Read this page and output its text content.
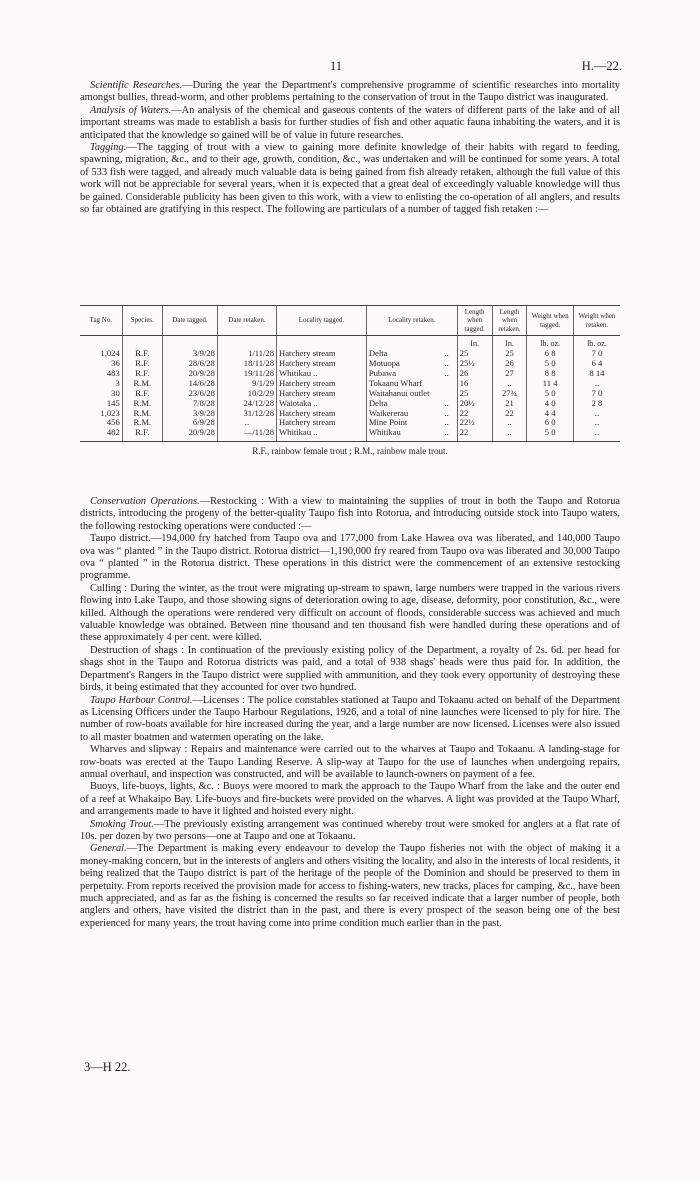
11	H.—22.

Scientific Researches.—During the year the Department's comprehensive programme of scientific researches into mortality amongst bullies, thread-worm, and other problems pertaining to the conservation of trout in the Taupo district was inaugurated.

Analysis of Waters.—An analysis of the chemical and gaseous contents of the waters of different parts of the lake and of all important streams was made to establish a basis for further studies of fish and other aquatic fauna inhabiting the waters, and it is anticipated that the knowledge so gained will be of value in future researches.

Tagging.—The tagging of trout with a view to gaining more definite knowledge of their habits with regard to feeding, spawning, migration, &c., and to their age, growth, condition, &c., was undertaken and will be continued for some years. A total of 533 fish were tagged, and already much valuable data is being gained from fish already retaken, although the full value of this work will not be appreciable for several years, when it is expected that a great deal of exceedingly valuable knowledge will thus be gained. Considerable publicity has been given to this work, with a view to enlisting the co-operation of all anglers, and results so far obtained are gratifying in this respect. The following are particulars of a number of tagged fish retaken :—

Tag No.	Species.	Date tagged.	Date retaken.	Locality tagged.	Locality retaken.		Length when tagged.	Length when retaken.	Weight when tagged.	Weight when retaken.
							In.	In.	lb. oz.	lb. oz.
1,024	R.F.	3/9/28	1/11/28	Hatchery stream	Delta	..	25	25	6 8	7 0
36	R.F.	28/6/28	18/11/28	Hatchery stream	Motuopa	..	25½	26	5 0	6 4
483	R.F.	20/9/28	19/11/28	Whitikau ..	Pubawa	..	26	27	8 8	8 14
3	R.M.	14/6/28	9/1/29	Hatchery stream	Tokaanu Wharf		16	..	11 4	..
30	R.F.	23/6/28	10/2/29	Hatchery stream	Waitahanui outlet		25	27¾	5 0	7 0
145	R.M.	7/8/28	24/12/28	Waiotaka ..	Delta	..	20½	21	4 0	2 8
1,023	R.M.	3/9/28	31/12/28	Hatchery stream	Waikererau	..	22	22	4 4	..
456	R.M.	6/9/28	..	Hatchery stream	Mine Point	..	22½	..	6 0	..
482	R.F.	20/9/28	—/11/28	Whitikau ..	Whitikau	..	22	..	5 0	..
R.F., rainbow female trout ; R.M., rainbow male trout.

Conservation Operations.—Restocking : With a view to maintaining the supplies of trout in both the Taupo and Rotorua districts, introducing the progeny of the better-quality Taupo fish into Rotorua, and introducing outside stock into Taupo waters, the following restocking operations were conducted :—

Taupo district.—194,000 fry hatched from Taupo ova and 177,000 from Lake Hawea ova was liberated, and 140,000 Taupo ova was “ planted ” in the Taupo district. Rotorua district—1,190,000 fry reared from Taupo ova was liberated and 30,000 Taupo ova “ planted ” in the Rotorua district. These operations in this district were the commencement of an extensive restocking programme.

Culling : During the winter, as the trout were migrating up-stream to spawn, large numbers were trapped in the various rivers flowing into Lake Taupo, and those showing signs of deterioration owing to age, disease, deformity, poor constitution, &c., were killed. Although the operations were rendered very difficult on account of floods, considerable success was achieved and much valuable knowledge was obtained. Between nine thousand and ten thousand fish were handled during these operations and of these approximately 4 per cent. were killed.

Destruction of shags : In continuation of the previously existing policy of the Department, a royalty of 2s. 6d. per head for shags shot in the Taupo and Rotorua districts was paid, and a total of 938 shags' heads were thus paid for. In addition, the Department's Rangers in the Taupo district were supplied with ammunition, and they took every opportunity of destroying these birds, it being estimated that they accounted for over two hundred.

Taupo Harbour Control.—Licenses : The police constables stationed at Taupo and Tokaanu acted on behalf of the Department as Licensing Officers under the Taupo Harbour Regulations, 1926, and a total of nine launches were licensed to ply for hire. The number of row-boats available for hire increased during the year, and a large number are now licensed. Licenses were also issued to all master boatmen and watermen operating on the lake.

Wharves and slipway : Repairs and maintenance were carried out to the wharves at Taupo and Tokaanu. A landing-stage for row-boats was erected at the Taupo Landing Reserve. A slip-way at Taupo for the use of launches when undergoing repairs, annual overhaul, and inspection was constructed, and will be available to launch-owners on payment of a fee.

Buoys, life-buoys, lights, &c. : Buoys were moored to mark the approach to the Taupo Wharf from the lake and the outer end of a reef at Whakaipo Bay. Life-buoys and fire-buckets were provided on the wharves. A light was provided at the Taupo Wharf, and arrangements made to have it lighted and hoisted every night.

Smoking Trout.—The previously existing arrangement was continued whereby trout were smoked for anglers at a flat rate of 10s. per dozen by two persons—one at Taupo and one at Tokaanu.

General.—The Department is making every endeavour to develop the Taupo fisheries not with the object of making it a money-making concern, but in the interests of anglers and others visiting the locality, and also in the interests of local residents, it being realized that the Taupo district is part of the heritage of the people of the Dominion and should be preserved to them in perpetuity. From reports received the provision made for access to fishing-waters, new tracks, places for camping, &c., have been much appreciated, and as far as the fishing is concerned the results so far received indicate that a larger number of people, both anglers and others, have visited the district than in the past, and there is every prospect of the season being one of the best experienced for many years, the trout having come into prime condition much earlier than in the past.

3—H 22.
